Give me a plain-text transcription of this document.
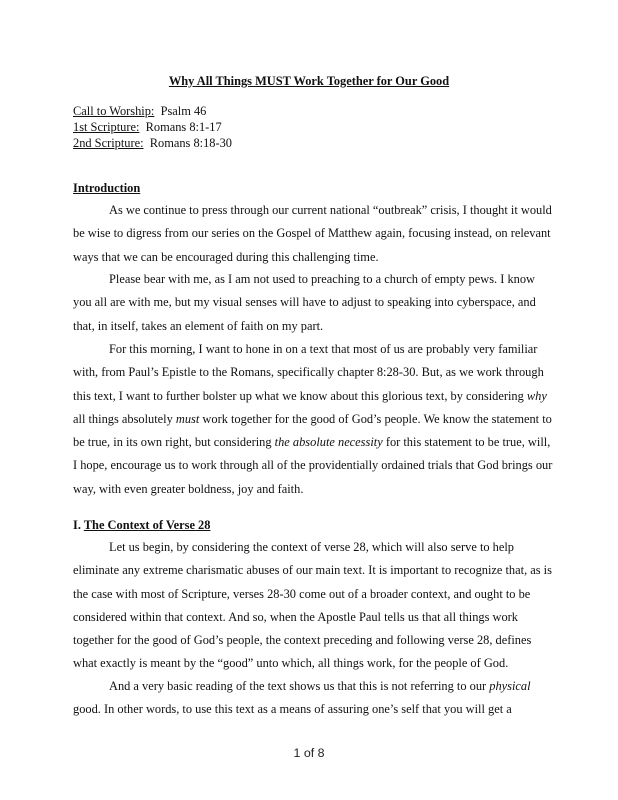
Why All Things MUST Work Together for Our Good
Call to Worship: Psalm 46
1st Scripture: Romans 8:1-17
2nd Scripture: Romans 8:18-30
Introduction
As we continue to press through our current national “outbreak” crisis, I thought it would
be wise to digress from our series on the Gospel of Matthew again, focusing instead, on relevant
ways that we can be encouraged during this challenging time.
Please bear with me, as I am not used to preaching to a church of empty pews. I know
you all are with me, but my visual senses will have to adjust to speaking into cyberspace, and
that, in itself, takes an element of faith on my part.
For this morning, I want to hone in on a text that most of us are probably very familiar
with, from Paul’s Epistle to the Romans, specifically chapter 8:28-30. But, as we work through
this text, I want to further bolster up what we know about this glorious text, by considering why
all things absolutely must work together for the good of God’s people. We know the statement to
be true, in its own right, but considering the absolute necessity for this statement to be true, will,
I hope, encourage us to work through all of the providentially ordained trials that God brings our
way, with even greater boldness, joy and faith.
I. The Context of Verse 28
Let us begin, by considering the context of verse 28, which will also serve to help
eliminate any extreme charismatic abuses of our main text. It is important to recognize that, as is
the case with most of Scripture, verses 28-30 come out of a broader context, and ought to be
considered within that context. And so, when the Apostle Paul tells us that all things work
together for the good of God’s people, the context preceding and following verse 28, defines
what exactly is meant by the “good” unto which, all things work, for the people of God.
And a very basic reading of the text shows us that this is not referring to our physical
good. In other words, to use this text as a means of assuring one’s self that you will get a
1 of 8
